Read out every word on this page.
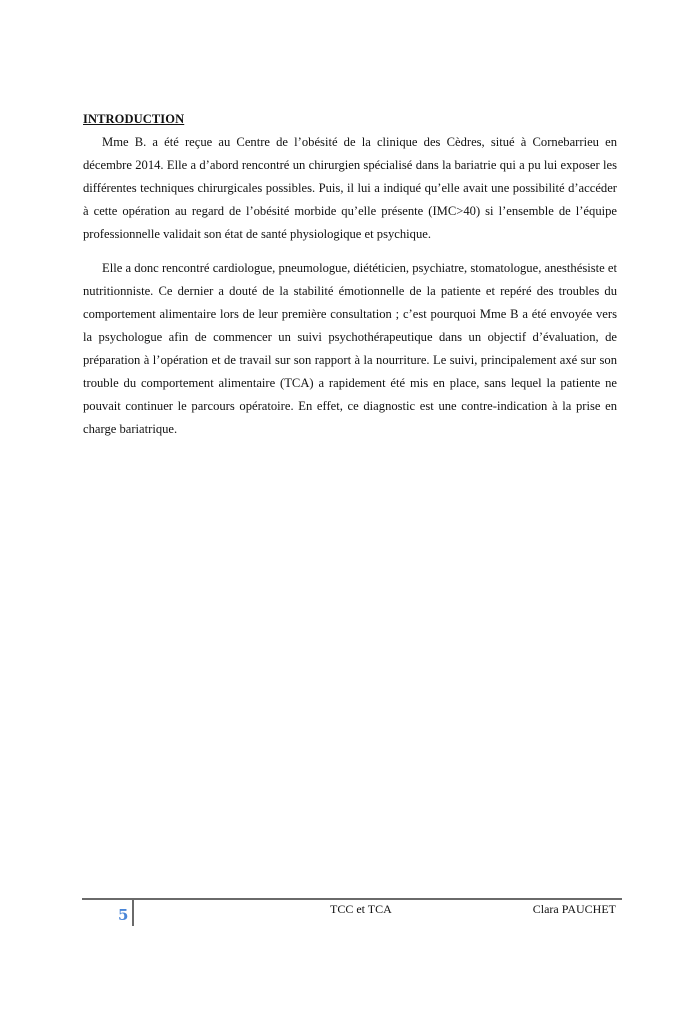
INTRODUCTION

Mme B. a été reçue au Centre de l’obésité de la clinique des Cèdres, situé à Cornebarrieu en décembre 2014. Elle a d’abord rencontré un chirurgien spécialisé dans la bariatrie qui a pu lui exposer les différentes techniques chirurgicales possibles. Puis, il lui a indiqué qu’elle avait une possibilité d’accéder à cette opération au regard de l’obésité morbide qu’elle présente (IMC>40) si l’ensemble de l’équipe professionnelle validait son état de santé physiologique et psychique.

Elle a donc rencontré cardiologue, pneumologue, diététicien, psychiatre, stomatologue, anesthésiste et nutritionniste. Ce dernier a douté de la stabilité émotionnelle de la patiente et repéré des troubles du comportement alimentaire lors de leur première consultation ; c’est pourquoi Mme B a été envoyée vers la psychologue afin de commencer un suivi psychothérapeutique dans un objectif d’évaluation, de préparation à l’opération et de travail sur son rapport à la nourriture. Le suivi, principalement axé sur son trouble du comportement alimentaire (TCA) a rapidement été mis en place, sans lequel la patiente ne pouvait continuer le parcours opératoire. En effet, ce diagnostic est une contre-indication à la prise en charge bariatrique.

5	TCC et TCA	Clara PAUCHET
